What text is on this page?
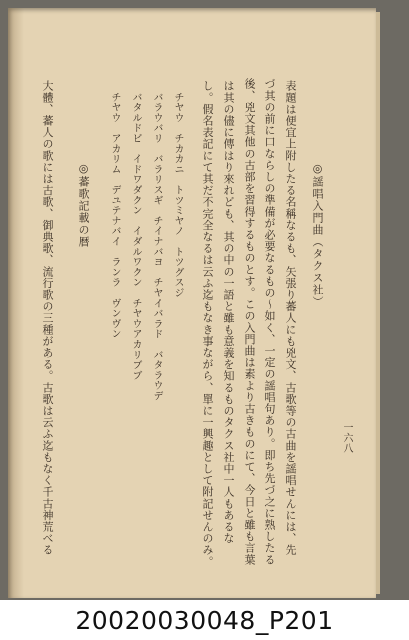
一六八
◎謡唱入門曲（タクス社）
表題は便宜上附したる名稱なるも、矢張り蕃人にも兇文、古歌等の古曲を謡唱せんには、先
づ其の前に口ならしの準備が必要なるもの～如く、一定の謡唱句あり。即ち先づ之に熟したる
後、兇文其他の古部を習得するものとす。この入門曲は素より古きものにて、今日と雖も言葉
は其の儘に傳はり來れども、其の中の一語と雖も意義を知るものタクス社中一人もあるな
し。假名表記にて其だ不完全なるは云ふ迄もなき事ながら、單に一興趣として附記せんのみ。
チヤウ　チカカニ　トツミヤノ　トツグスジ
バラウバリ　バラリスギ　チイナバヨ　チヤイバラド　バタラウデ
バタルドビ　イドワダクン　イダルワクン　チヤウアカリブブ
チヤウ　アカリム　デユテナバイ　ランラ　ヴンヴン
◎蕃歌記載の暦
大體、蕃人の歌には古歌、御典歌、流行歌の三種がある。古歌は云ふ迄もなく千古神荒べる
20020030048_P201
